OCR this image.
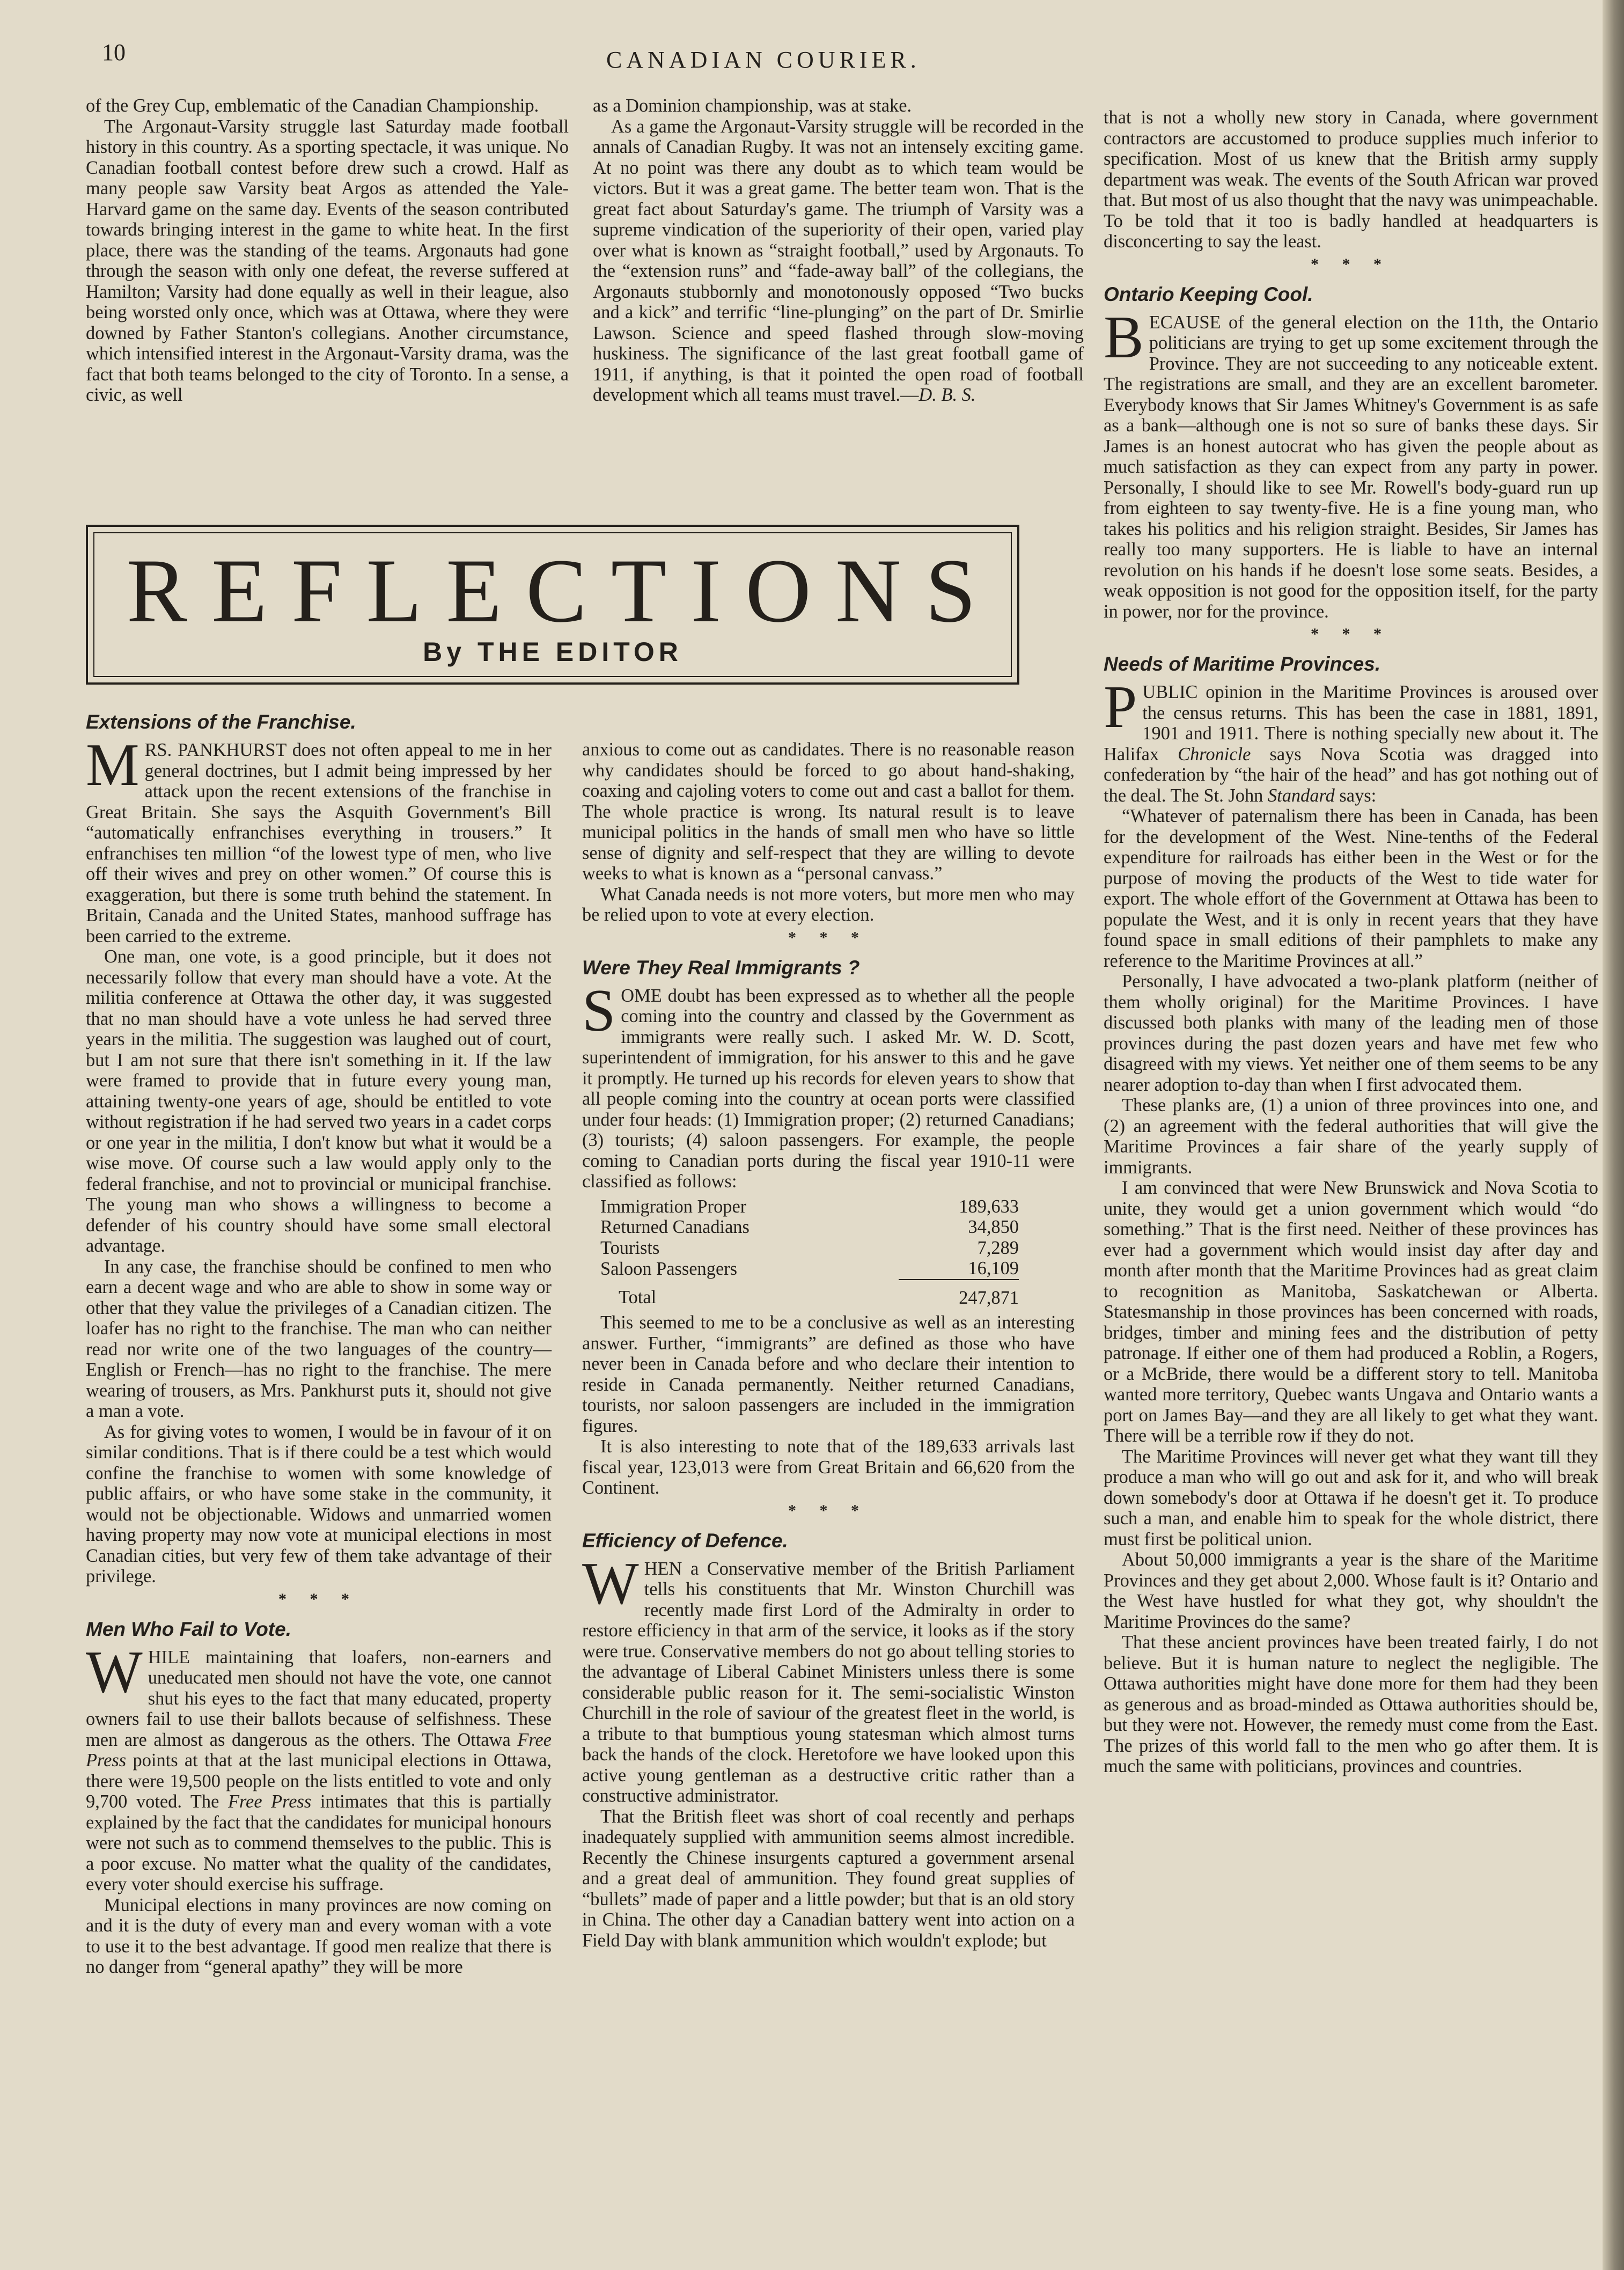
10	CANADIAN COURIER.

of the Grey Cup, emblematic of the Canadian Championship.

The Argonaut-Varsity struggle last Saturday made football history in this country. As a sporting spectacle, it was unique. No Canadian football contest before drew such a crowd. Half as many people saw Varsity beat Argos as attended the Yale-Harvard game on the same day. Events of the season contributed towards bringing interest in the game to white heat. In the first place, there was the standing of the teams. Argonauts had gone through the season with only one defeat, the reverse suffered at Hamilton; Varsity had done equally as well in their league, also being worsted only once, which was at Ottawa, where they were downed by Father Stanton's collegians. Another circumstance, which intensified interest in the Argonaut-Varsity drama, was the fact that both teams belonged to the city of Toronto. In a sense, a civic, as well

as a Dominion championship, was at stake.

As a game the Argonaut-Varsity struggle will be recorded in the annals of Canadian Rugby. It was not an intensely exciting game. At no point was there any doubt as to which team would be victors. But it was a great game. The better team won. That is the great fact about Saturday's game. The triumph of Varsity was a supreme vindication of the superiority of their open, varied play over what is known as “straight football,” used by Argonauts. To the “extension runs” and “fade-away ball” of the collegians, the Argonauts stubbornly and monotonously opposed “Two bucks and a kick” and terrific “line-plunging” on the part of Dr. Smirlie Lawson. Science and speed flashed through slow-moving huskiness. The significance of the last great football game of 1911, if anything, is that it pointed the open road of football development which all teams must travel.—D. B. S.

REFLECTIONS
By THE EDITOR
Extensions of the Franchise.

MRS. PANKHURST does not often appeal to me in her general doctrines, but I admit being impressed by her attack upon the recent extensions of the franchise in Great Britain. She says the Asquith Government's Bill “automatically enfranchises everything in trousers.” It enfranchises ten million “of the lowest type of men, who live off their wives and prey on other women.” Of course this is exaggeration, but there is some truth behind the statement. In Britain, Canada and the United States, manhood suffrage has been carried to the extreme.

One man, one vote, is a good principle, but it does not necessarily follow that every man should have a vote. At the militia conference at Ottawa the other day, it was suggested that no man should have a vote unless he had served three years in the militia. The suggestion was laughed out of court, but I am not sure that there isn't something in it. If the law were framed to provide that in future every young man, attaining twenty-one years of age, should be entitled to vote without registration if he had served two years in a cadet corps or one year in the militia, I don't know but what it would be a wise move. Of course such a law would apply only to the federal franchise, and not to provincial or municipal franchise. The young man who shows a willingness to become a defender of his country should have some small electoral advantage.

In any case, the franchise should be confined to men who earn a decent wage and who are able to show in some way or other that they value the privileges of a Canadian citizen. The loafer has no right to the franchise. The man who can neither read nor write one of the two languages of the country—English or French—has no right to the franchise. The mere wearing of trousers, as Mrs. Pankhurst puts it, should not give a man a vote.

As for giving votes to women, I would be in favour of it on similar conditions. That is if there could be a test which would confine the franchise to women with some knowledge of public affairs, or who have some stake in the community, it would not be objectionable. Widows and unmarried women having property may now vote at municipal elections in most Canadian cities, but very few of them take advantage of their privilege.

* * *
Men Who Fail to Vote.

WHILE maintaining that loafers, non-earners and uneducated men should not have the vote, one cannot shut his eyes to the fact that many educated, property owners fail to use their ballots because of selfishness. These men are almost as dangerous as the others. The Ottawa Free Press points at that at the last municipal elections in Ottawa, there were 19,500 people on the lists entitled to vote and only 9,700 voted. The Free Press intimates that this is partially explained by the fact that the candidates for municipal honours were not such as to commend themselves to the public. This is a poor excuse. No matter what the quality of the candidates, every voter should exercise his suffrage.

Municipal elections in many provinces are now coming on and it is the duty of every man and every woman with a vote to use it to the best advantage. If good men realize that there is no danger from “general apathy” they will be more

anxious to come out as candidates. There is no reasonable reason why candidates should be forced to go about hand-shaking, coaxing and cajoling voters to come out and cast a ballot for them. The whole practice is wrong. Its natural result is to leave municipal politics in the hands of small men who have so little sense of dignity and self-respect that they are willing to devote weeks to what is known as a “personal canvass.”

What Canada needs is not more voters, but more men who may be relied upon to vote at every election.

* * *
Were They Real Immigrants ?

SOME doubt has been expressed as to whether all the people coming into the country and classed by the Government as immigrants were really such. I asked Mr. W. D. Scott, superintendent of immigration, for his answer to this and he gave it promptly. He turned up his records for eleven years to show that all people coming into the country at ocean ports were classified under four heads: (1) Immigration proper; (2) returned Canadians; (3) tourists; (4) saloon passengers. For example, the people coming to Canadian ports during the fiscal year 1910-11 were classified as follows:

Immigration Proper	189,633
Returned Canadians	34,850
Tourists	7,289
Saloon Passengers	16,109
Total	247,871

This seemed to me to be a conclusive as well as an interesting answer. Further, “immigrants” are defined as those who have never been in Canada before and who declare their intention to reside in Canada permanently. Neither returned Canadians, tourists, nor saloon passengers are included in the immigration figures.

It is also interesting to note that of the 189,633 arrivals last fiscal year, 123,013 were from Great Britain and 66,620 from the Continent.

* * *
Efficiency of Defence.

WHEN a Conservative member of the British Parliament tells his constituents that Mr. Winston Churchill was recently made first Lord of the Admiralty in order to restore efficiency in that arm of the service, it looks as if the story were true. Conservative members do not go about telling stories to the advantage of Liberal Cabinet Ministers unless there is some considerable public reason for it. The semi-socialistic Winston Churchill in the role of saviour of the greatest fleet in the world, is a tribute to that bumptious young statesman which almost turns back the hands of the clock. Heretofore we have looked upon this active young gentleman as a destructive critic rather than a constructive administrator.

That the British fleet was short of coal recently and perhaps inadequately supplied with ammunition seems almost incredible. Recently the Chinese insurgents captured a government arsenal and a great deal of ammunition. They found great supplies of “bullets” made of paper and a little powder; but that is an old story in China. The other day a Canadian battery went into action on a Field Day with blank ammunition which wouldn't explode; but

that is not a wholly new story in Canada, where government contractors are accustomed to produce supplies much inferior to specification. Most of us knew that the British army supply department was weak. The events of the South African war proved that. But most of us also thought that the navy was unimpeachable. To be told that it too is badly handled at headquarters is disconcerting to say the least.

* * *
Ontario Keeping Cool.

BECAUSE of the general election on the 11th, the Ontario politicians are trying to get up some excitement through the Province. They are not succeeding to any noticeable extent. The registrations are small, and they are an excellent barometer. Everybody knows that Sir James Whitney's Government is as safe as a bank—although one is not so sure of banks these days. Sir James is an honest autocrat who has given the people about as much satisfaction as they can expect from any party in power. Personally, I should like to see Mr. Rowell's body-guard run up from eighteen to say twenty-five. He is a fine young man, who takes his politics and his religion straight. Besides, Sir James has really too many supporters. He is liable to have an internal revolution on his hands if he doesn't lose some seats. Besides, a weak opposition is not good for the opposition itself, for the party in power, nor for the province.

* * *
Needs of Maritime Provinces.

PUBLIC opinion in the Maritime Provinces is aroused over the census returns. This has been the case in 1881, 1891, 1901 and 1911. There is nothing specially new about it. The Halifax Chronicle says Nova Scotia was dragged into confederation by “the hair of the head” and has got nothing out of the deal. The St. John Standard says:

“Whatever of paternalism there has been in Canada, has been for the development of the West. Nine-tenths of the Federal expenditure for railroads has either been in the West or for the purpose of moving the products of the West to tide water for export. The whole effort of the Government at Ottawa has been to populate the West, and it is only in recent years that they have found space in small editions of their pamphlets to make any reference to the Maritime Provinces at all.”

Personally, I have advocated a two-plank platform (neither of them wholly original) for the Maritime Provinces. I have discussed both planks with many of the leading men of those provinces during the past dozen years and have met few who disagreed with my views. Yet neither one of them seems to be any nearer adoption to-day than when I first advocated them.

These planks are, (1) a union of three provinces into one, and (2) an agreement with the federal authorities that will give the Maritime Provinces a fair share of the yearly supply of immigrants.

I am convinced that were New Brunswick and Nova Scotia to unite, they would get a union government which would “do something.” That is the first need. Neither of these provinces has ever had a government which would insist day after day and month after month that the Maritime Provinces had as great claim to recognition as Manitoba, Saskatchewan or Alberta. Statesmanship in those provinces has been concerned with roads, bridges, timber and mining fees and the distribution of petty patronage. If either one of them had produced a Roblin, a Rogers, or a McBride, there would be a different story to tell. Manitoba wanted more territory, Quebec wants Ungava and Ontario wants a port on James Bay—and they are all likely to get what they want. There will be a terrible row if they do not.

The Maritime Provinces will never get what they want till they produce a man who will go out and ask for it, and who will break down somebody's door at Ottawa if he doesn't get it. To produce such a man, and enable him to speak for the whole district, there must first be political union.

About 50,000 immigrants a year is the share of the Maritime Provinces and they get about 2,000. Whose fault is it? Ontario and the West have hustled for what they got, why shouldn't the Maritime Provinces do the same?

That these ancient provinces have been treated fairly, I do not believe. But it is human nature to neglect the negligible. The Ottawa authorities might have done more for them had they been as generous and as broad-minded as Ottawa authorities should be, but they were not. However, the remedy must come from the East. The prizes of this world fall to the men who go after them. It is much the same with politicians, provinces and countries.
